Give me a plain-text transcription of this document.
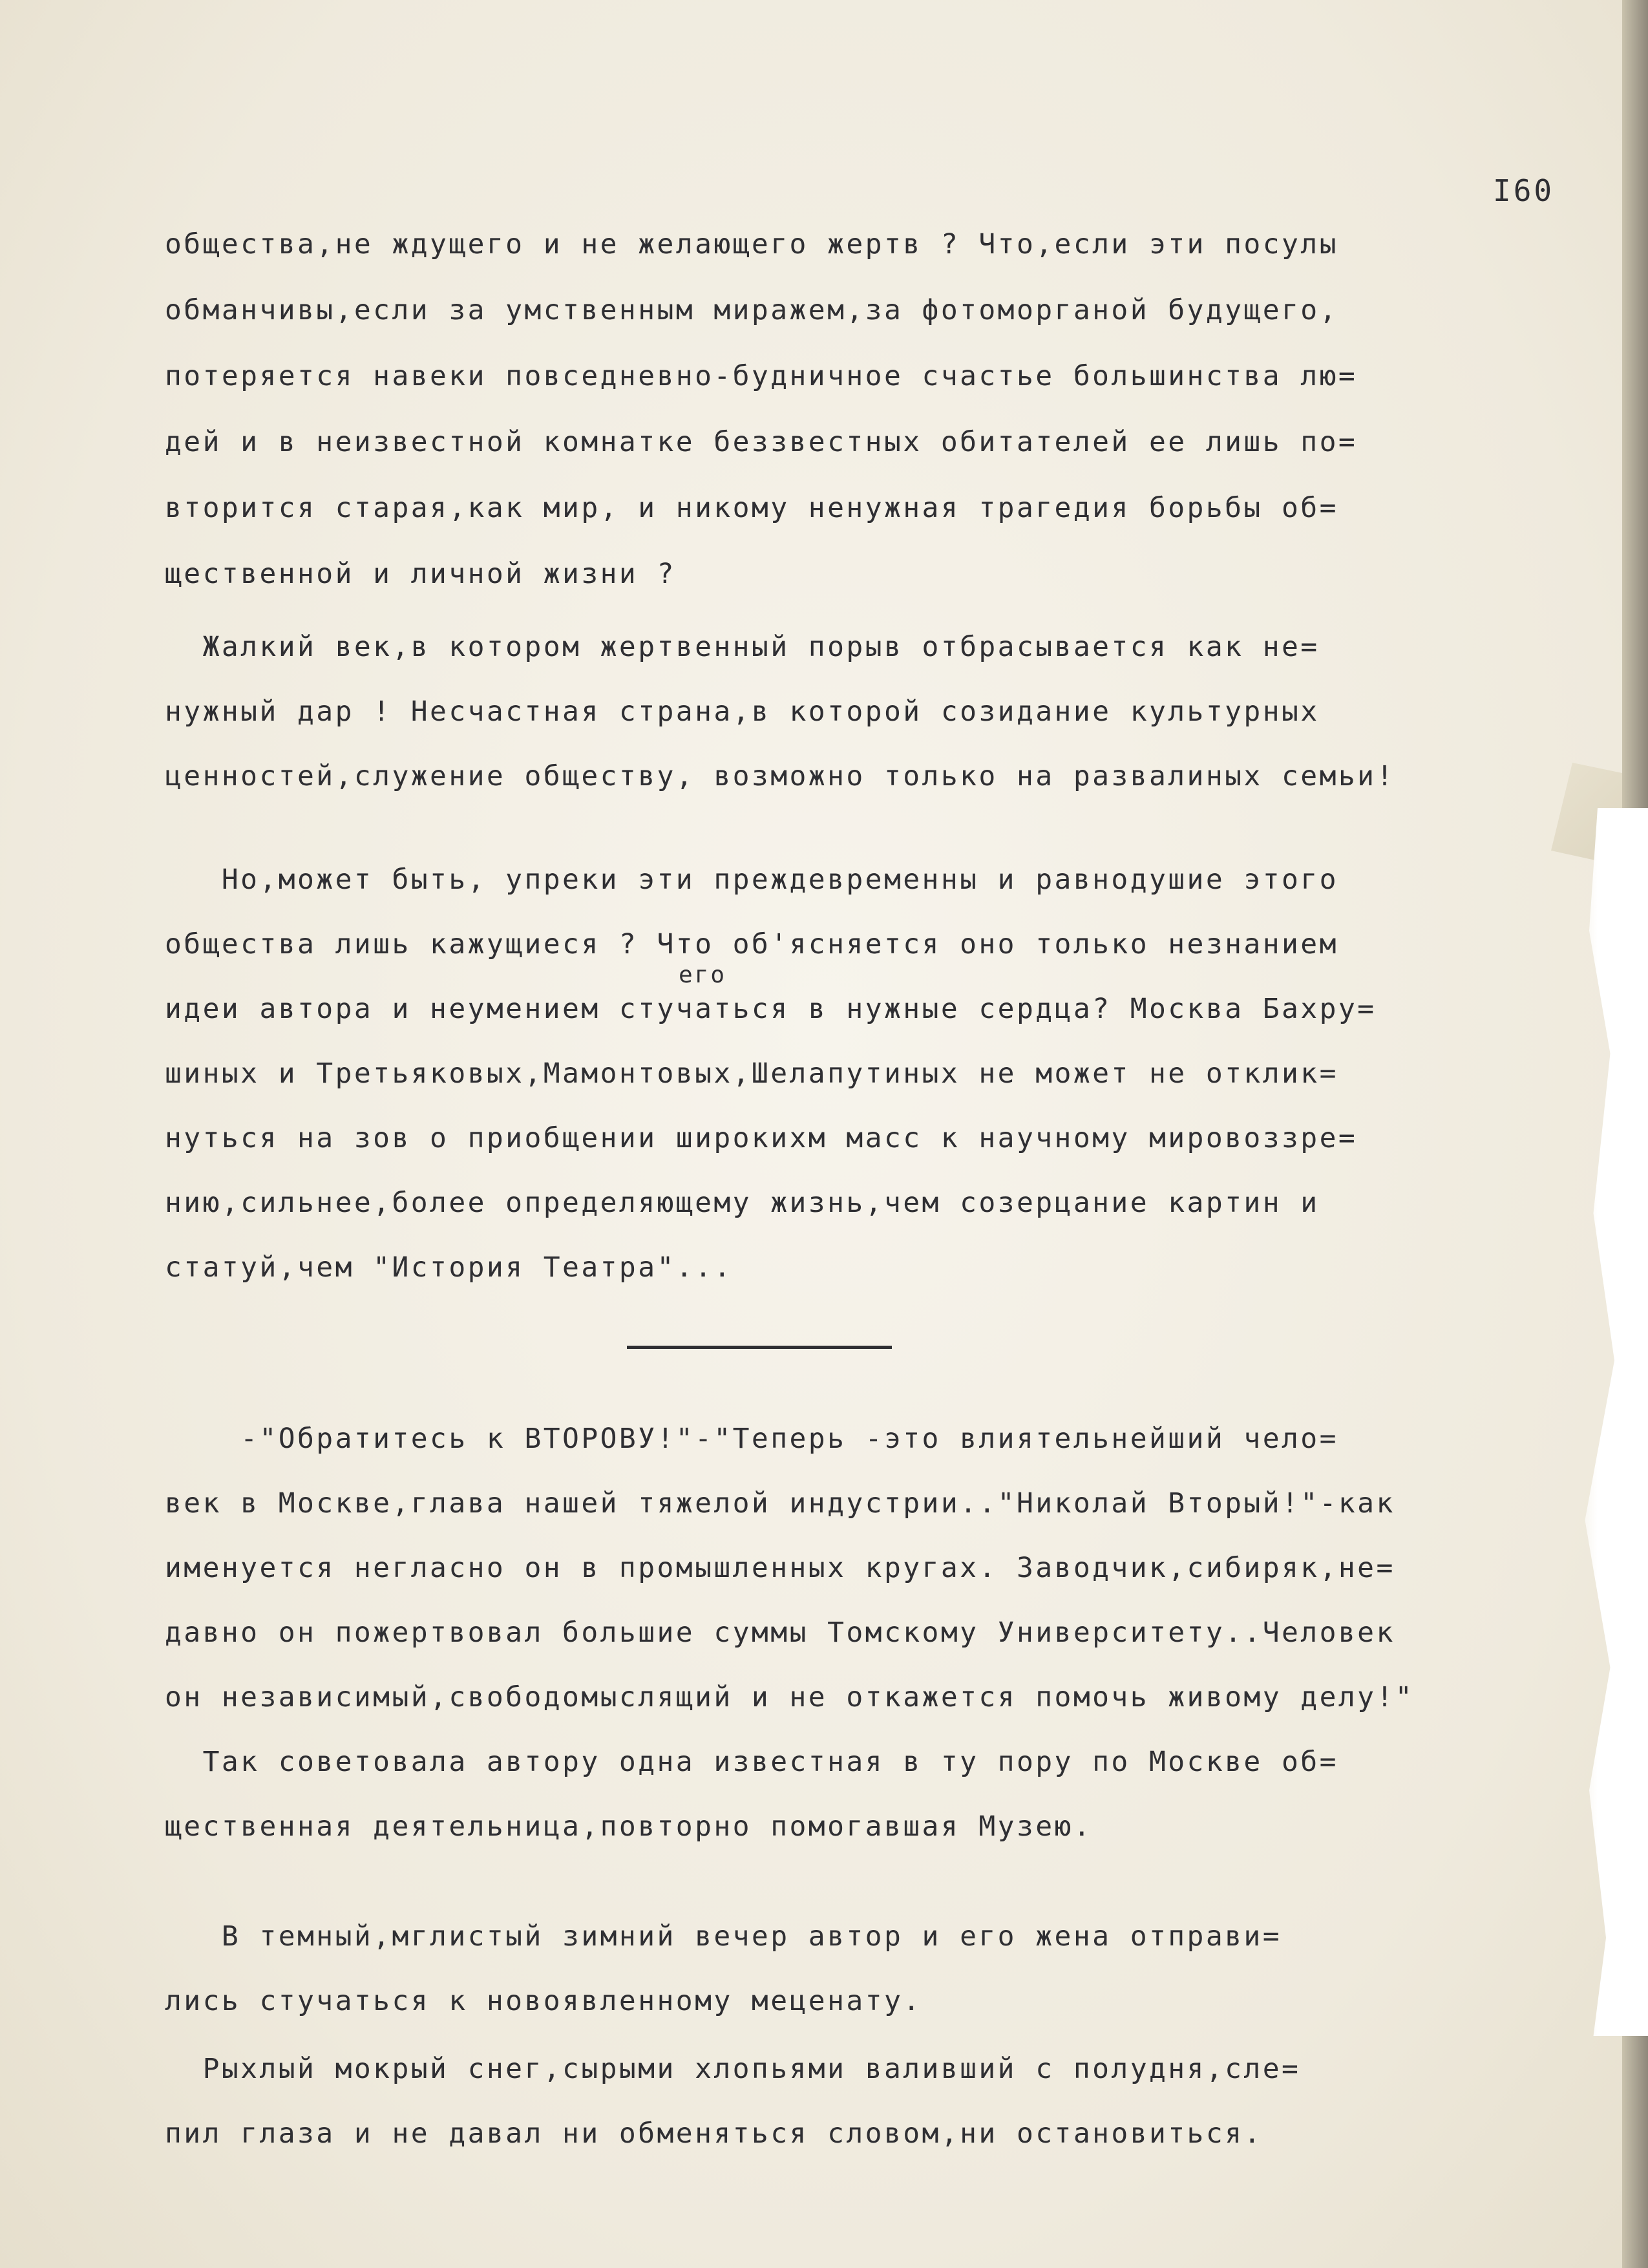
I60
общества,не ждущего и не желающего жертв ? Что,если эти посулы
обманчивы,если за умственным миражем,за фотоморганой будущего,
потеряется навеки повседневно-будничное счастье большинства лю=
дей и в неизвестной комнатке беззвестных обитателей ее лишь по=
вторится старая,как мир, и никому ненужная трагедия борьбы об=
щественной и личной жизни ?
Жалкий век,в котором жертвенный порыв отбрасывается как не=
нужный дар ! Несчастная страна,в которой созидание культурных
ценностей,служение обществу, возможно только на развалиных семьи!
Но,может быть, упреки эти преждевременны и равнодушие этого
общества лишь кажущиеся ? Что об'ясняется оно только незнанием
его
идеи автора и неумением стучаться в нужные сердца? Москва Бахру=
шиных и Третьяковых,Мамонтовых,Шелапутиных не может не отклик=
нуться на зов о приобщении широкихм масс к научному мировоззре=
нию,сильнее,более определяющему жизнь,чем созерцание картин и
статуй,чем "История Театра"...
-"Обратитесь к ВТОРОВУ!"-"Теперь -это влиятельнейший чело=
век в Москве,глава нашей тяжелой индустрии.."Николай Вторый!"-как
именуется негласно он в промышленных кругах. Заводчик,сибиряк,не=
давно он пожертвовал большие суммы Томскому Университету..Человек
он независимый,свободомыслящий и не откажется помочь живому делу!"
Так советовала автору одна известная в ту пору по Москве об=
щественная деятельница,повторно помогавшая Музею.
В темный,мглистый зимний вечер автор и его жена отправи=
лись стучаться к новоявленному меценату.
Рыхлый мокрый снег,сырыми хлопьями валивший с полудня,сле=
пил глаза и не давал ни обменяться словом,ни остановиться.
